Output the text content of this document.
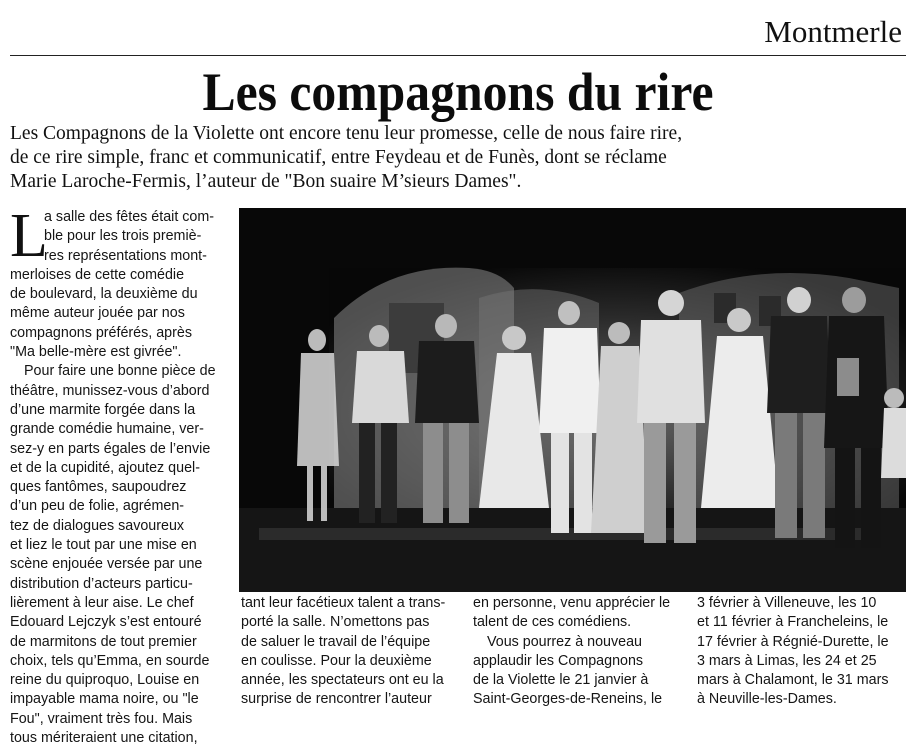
Montmerle
Les compagnons du rire

Les Compagnons de la Violette ont encore tenu leur promesse, celle de nous faire rire,

de ce rire simple, franc et communicatif, entre Feydeau et de Funès, dont se réclame

Marie Laroche-Fermis, l’auteur de "Bon suaire M’sieurs Dames".

L

a salle des fêtes était com-

ble pour les trois premiè-

res représentations mont-

merloises de cette comédie

de boulevard, la deuxième du

même auteur jouée par nos

compagnons préférés, après

"Ma belle-mère est givrée".

Pour faire une bonne pièce de

théâtre, munissez-vous d’abord

d’une marmite forgée dans la

grande comédie humaine, ver-

sez-y en parts égales de l’envie

et de la cupidité, ajoutez quel-

ques fantômes, saupoudrez

d’un peu de folie, agrémen-

tez de dialogues savoureux

et liez le tout par une mise en

scène enjouée versée par une

distribution d’acteurs particu-

lièrement à leur aise. Le chef

Edouard Lejczyk s’est entouré

de marmitons de tout premier

choix, tels qu’Emma, en sourde

reine du quiproquo, Louise en

impayable mama noire, ou "le

Fou", vraiment très fou. Mais

tous mériteraient une citation,

tant leur facétieux talent a trans-

porté la salle. N’omettons pas

de saluer le travail de l’équipe

en coulisse. Pour la deuxième

année, les spectateurs ont eu la

surprise de rencontrer l’auteur

en personne, venu apprécier le

talent de ces comédiens.

Vous pourrez à nouveau

applaudir les Compagnons

de la Violette le 21 janvier à

Saint-Georges-de-Reneins, le

3 février à Villeneuve, les 10

et 11 février à Francheleins, le

17 février à Régnié-Durette, le

3 mars à Limas, les 24 et 25

mars à Chalamont, le 31 mars

à Neuville-les-Dames.
